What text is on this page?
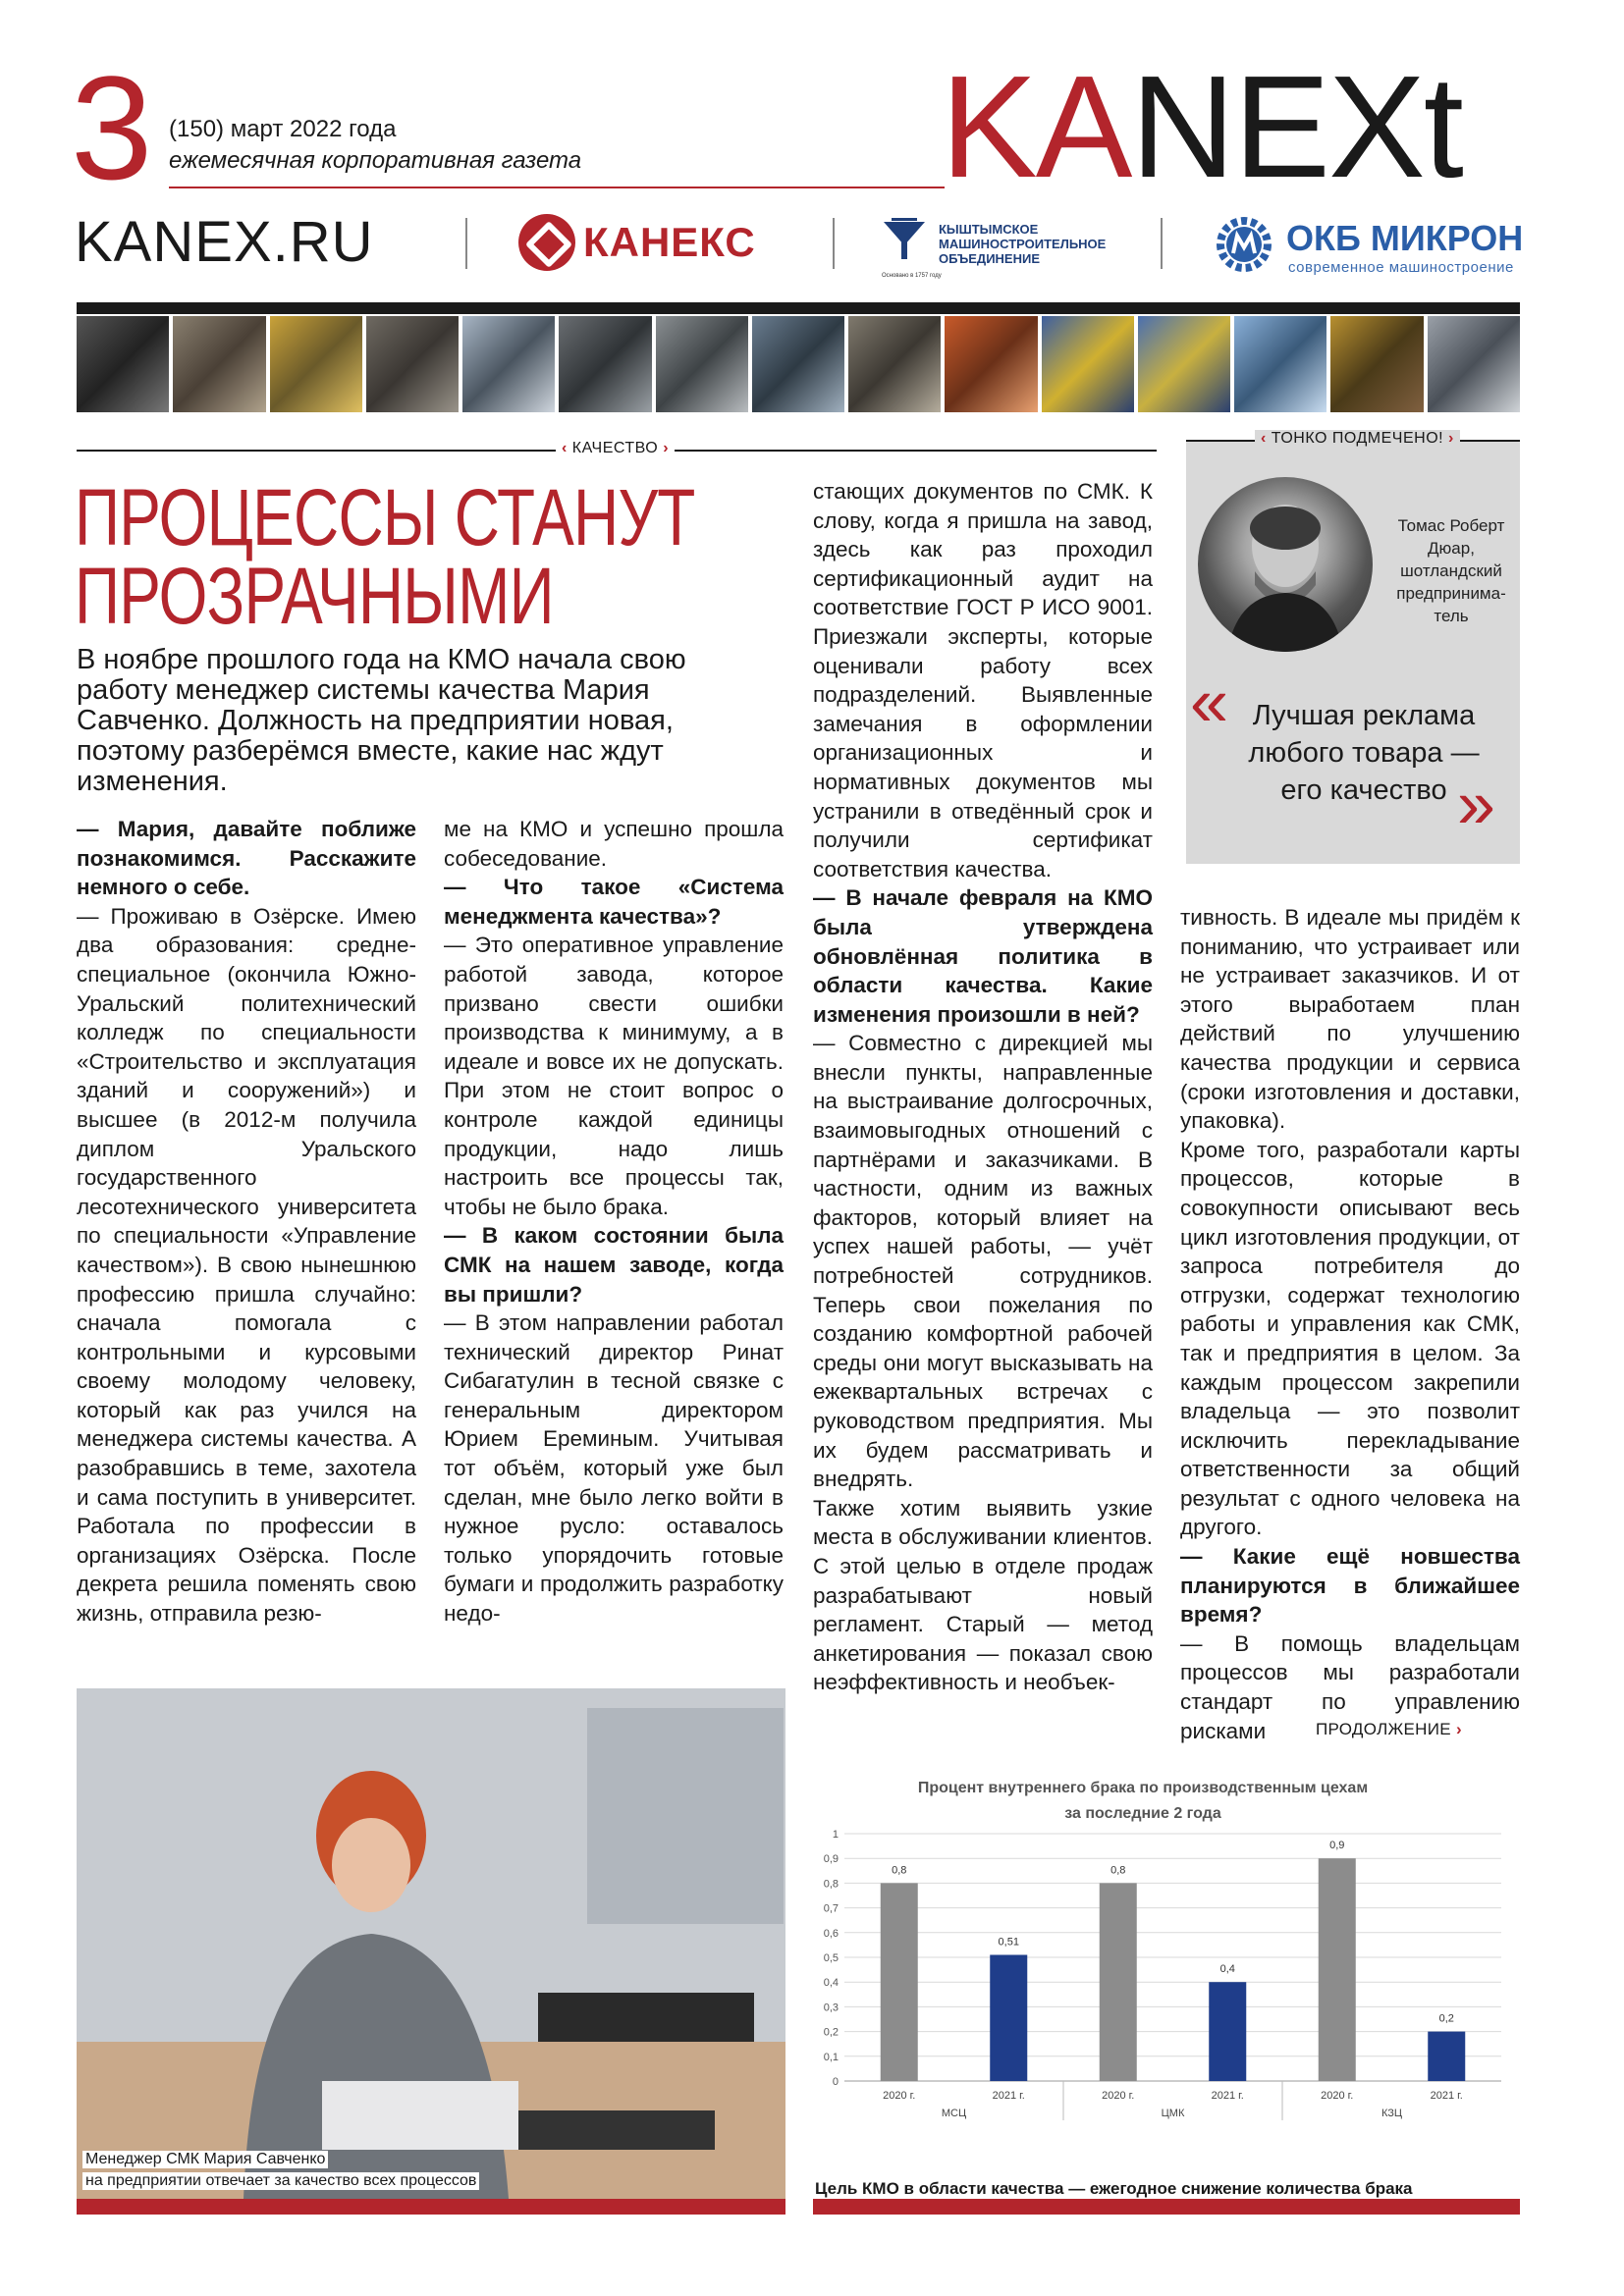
3 (150) март 2022 года
ежемесячная корпоративная газета KANEXt
KANEX.RU	КАНЕКС	КЫШТЫМСКОЕ
МАШИНОСТРОИТЕЛЬНОЕ
ОБЪЕДИНЕНИЕ
Основано в 1757 году
ОКБ МИКРОН
современное машиностроение
‹ КАЧЕСТВО ›
ПРОЦЕССЫ СТАНУТ
ПРОЗРАЧНЫМИ
В ноябре прошлого года на КМО начала свою работу менеджер системы качества Мария Савченко. Должность на предприятии новая, поэтому разберёмся вместе, какие нас ждут изменения.

— Мария, давайте поближе познакомимся. Расскажите немного о себе.

— Проживаю в Озёрске. Имею два образования: средне-специальное (окончила Южно-Уральский политехнический колледж по специальности «Строительство и эксплуатация зданий и сооружений») и высшее (в 2012-м получила диплом Уральского государственного лесотехнического университета по специальности «Управление качеством»). В свою нынешнюю профессию пришла случайно: сначала помогала с контрольными и курсовыми своему молодому человеку, который как раз учился на менеджера системы качества. А разобравшись в теме, захотела и сама поступить в университет. Работала по профессии в организациях Озёрска. После декрета решила поменять свою жизнь, отправила резю-

ме на КМО и успешно прошла собеседование.

— Что такое «Система менеджмента качества»?

— Это оперативное управление работой завода, которое призвано свести ошибки производства к минимуму, а в идеале и вовсе их не допускать. При этом не стоит вопрос о контроле каждой единицы продукции, надо лишь настроить все процессы так, чтобы не было брака.

— В каком состоянии была СМК на нашем заводе, когда вы пришли?

— В этом направлении работал технический директор Ринат Сибагатулин в тесной связке с генеральным директором Юрием Ереминым. Учитывая тот объём, который уже был сделан, мне было легко войти в нужное русло: оставалось только упорядочить готовые бумаги и продолжить разработку недо-

стающих документов по СМК. К слову, когда я пришла на завод, здесь как раз проходил сертификационный аудит на соответствие ГОСТ Р ИСО 9001. Приезжали эксперты, которые оценивали работу всех подразделений. Выявленные замечания в оформлении организационных и нормативных документов мы устранили в отведённый срок и получили сертификат соответствия качества.

— В начале февраля на КМО была утверждена обновлённая политика в области качества. Какие изменения произошли в ней?

— Совместно с дирекцией мы внесли пункты, направленные на выстраивание долгосрочных, взаимовыгодных отношений с партнёрами и заказчиками. В частности, одним из важных факторов, который влияет на успех нашей работы, — учёт потребностей сотрудников. Теперь свои пожелания по созданию комфортной рабочей среды они могут высказывать на ежеквартальных встречах с руководством предприятия. Мы их будем рассматривать и внедрять.

Также хотим выявить узкие места в обслуживании клиентов. С этой целью в отделе продаж разрабатывают новый регламент. Старый — метод анкетирования — показал свою неэффективность и необъек-

тивность. В идеале мы придём к пониманию, что устраивает или не устраивает заказчиков. И от этого выработаем план действий по улучшению качества продукции и сервиса (сроки изготовления и доставки, упаковка).

Кроме того, разработали карты процессов, которые в совокупности описывают весь цикл изготовления продукции, от запроса потребителя до отгрузки, содержат технологию работы и управления как СМК, так и предприятия в целом. За каждым процессом закрепили владельца — это позволит исключить перекладывание ответственности за общий результат с одного человека на другого.

— Какие ещё новшества планируются в ближайшее время?

— В помощь владельцам процессов мы разработали стандарт по управлению рисками	ПРОДОЛЖЕНИЕ ›
‹ ТОНКО ПОДМЕЧЕНО! ›
Томас Роберт Дюар, шотландский предпринима-тель
« Лучшая реклама любого товара — его качество »
Менеджер СМК Мария Савченко
на предприятии отвечает за качество всех процессов
Процент внутреннего брака по производственным цехам
за последние 2 года
0
0,1
0,2
0,3
0,4
0,5
0,6
0,7
0,8
0,9
1
0,8
2020 г.
0,51
2021 г.
0,8
2020 г.
0,4
2021 г.
0,9
2020 г.
0,2
2021 г.
МСЦ	ЦМК	КЗЦ
Цель КМО в области качества — ежегодное снижение количества брака
